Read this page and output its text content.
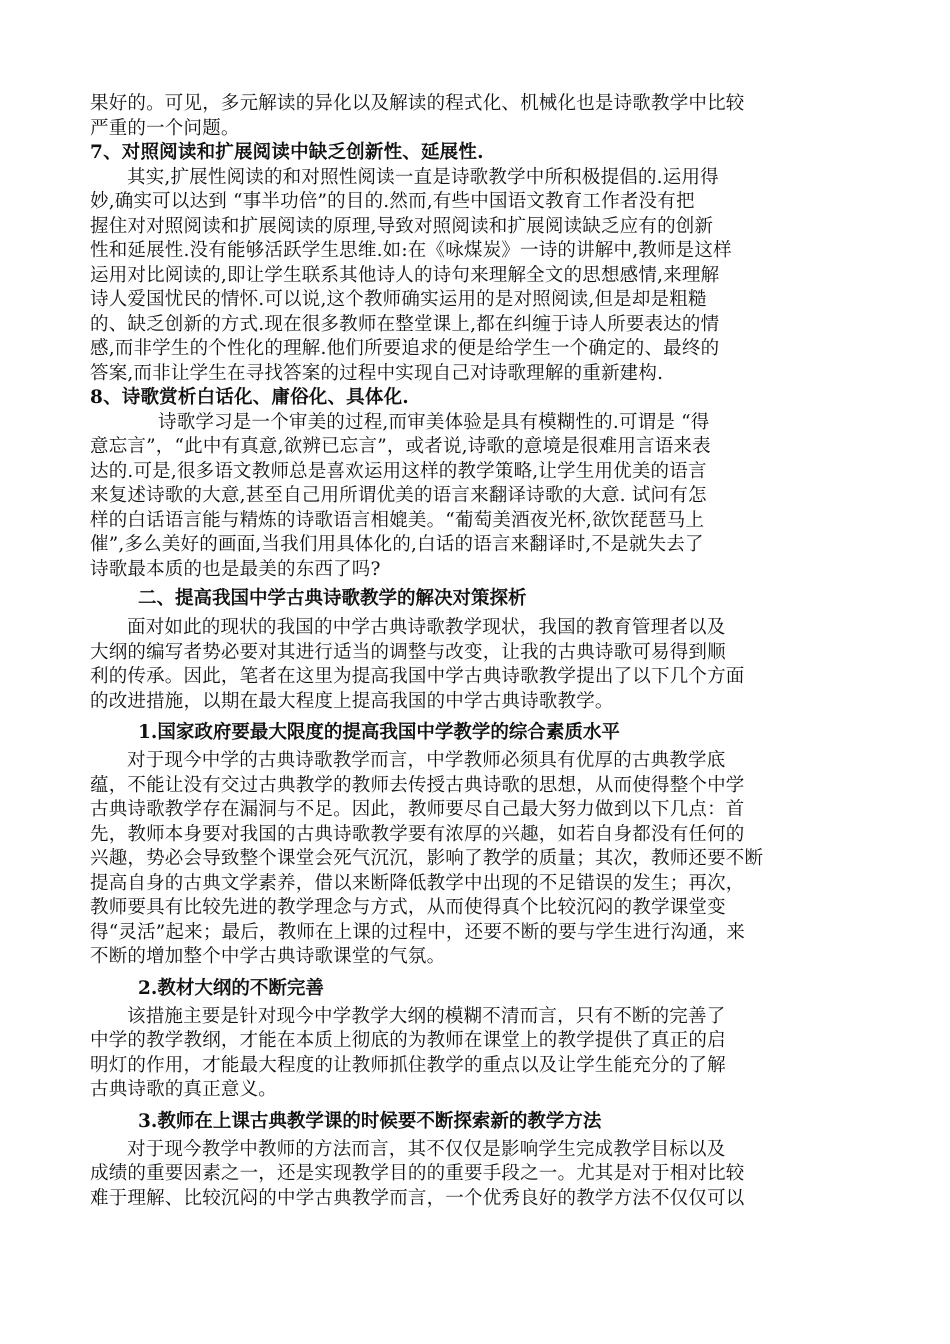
果好的。可见，多元解读的异化以及解读的程式化、机械化也是诗歌教学中比较
严重的一个问题。
7、对照阅读和扩展阅读中缺乏创新性、延展性.
其实,扩展性阅读的和对照性阅读一直是诗歌教学中所积极提倡的.运用得
妙,确实可以达到 “事半功倍”的目的.然而,有些中国语文教育工作者没有把
握住对对照阅读和扩展阅读的原理,导致对照阅读和扩展阅读缺乏应有的创新
性和延展性.没有能够活跃学生思维.如:在《咏煤炭》一诗的讲解中,教师是这样
运用对比阅读的,即让学生联系其他诗人的诗句来理解全文的思想感情,来理解
诗人爱国忧民的情怀.可以说,这个教师确实运用的是对照阅读,但是却是粗糙
的、缺乏创新的方式.现在很多教师在整堂课上,都在纠缠于诗人所要表达的情
感,而非学生的个性化的理解.他们所要追求的便是给学生一个确定的、最终的
答案,而非让学生在寻找答案的过程中实现自己对诗歌理解的重新建构.
8、诗歌赏析白话化、庸俗化、具体化.
诗歌学习是一个审美的过程,而审美体验是具有模糊性的.可谓是 “得
意忘言”，“此中有真意,欲辨已忘言”，或者说,诗歌的意境是很难用言语来表
达的.可是,很多语文教师总是喜欢运用这样的教学策略,让学生用优美的语言
来复述诗歌的大意,甚至自己用所谓优美的语言来翻译诗歌的大意. 试问有怎
样的白话语言能与精炼的诗歌语言相媲美。“葡萄美酒夜光杯,欲饮琵琶马上
催”,多么美好的画面,当我们用具体化的,白话的语言来翻译时,不是就失去了
诗歌最本质的也是最美的东西了吗?
二、提高我国中学古典诗歌教学的解决对策探析
面对如此的现状的我国的中学古典诗歌教学现状，我国的教育管理者以及
大纲的编写者势必要对其进行适当的调整与改变，让我的古典诗歌可易得到顺
利的传承。因此，笔者在这里为提高我国中学古典诗歌教学提出了以下几个方面
的改进措施，以期在最大程度上提高我国的中学古典诗歌教学。
1.国家政府要最大限度的提高我国中学教学的综合素质水平
对于现今中学的古典诗歌教学而言，中学教师必须具有优厚的古典教学底
蕴，不能让没有交过古典教学的教师去传授古典诗歌的思想，从而使得整个中学
古典诗歌教学存在漏洞与不足。因此，教师要尽自己最大努力做到以下几点：首
先，教师本身要对我国的古典诗歌教学要有浓厚的兴趣，如若自身都没有任何的
兴趣，势必会导致整个课堂会死气沉沉，影响了教学的质量；其次，教师还要不断
提高自身的古典文学素养，借以来断降低教学中出现的不足错误的发生；再次，
教师要具有比较先进的教学理念与方式，从而使得真个比较沉闷的教学课堂变
得“灵活”起来；最后，教师在上课的过程中，还要不断的要与学生进行沟通，来
不断的增加整个中学古典诗歌课堂的气氛。
2.教材大纲的不断完善
该措施主要是针对现今中学教学大纲的模糊不清而言，只有不断的完善了
中学的教学教纲，才能在本质上彻底的为教师在课堂上的教学提供了真正的启
明灯的作用，才能最大程度的让教师抓住教学的重点以及让学生能充分的了解
古典诗歌的真正意义。
3.教师在上课古典教学课的时候要不断探索新的教学方法
对于现今教学中教师的方法而言，其不仅仅是影响学生完成教学目标以及
成绩的重要因素之一，还是实现教学目的的重要手段之一。尤其是对于相对比较
难于理解、比较沉闷的中学古典教学而言，一个优秀良好的教学方法不仅仅可以
